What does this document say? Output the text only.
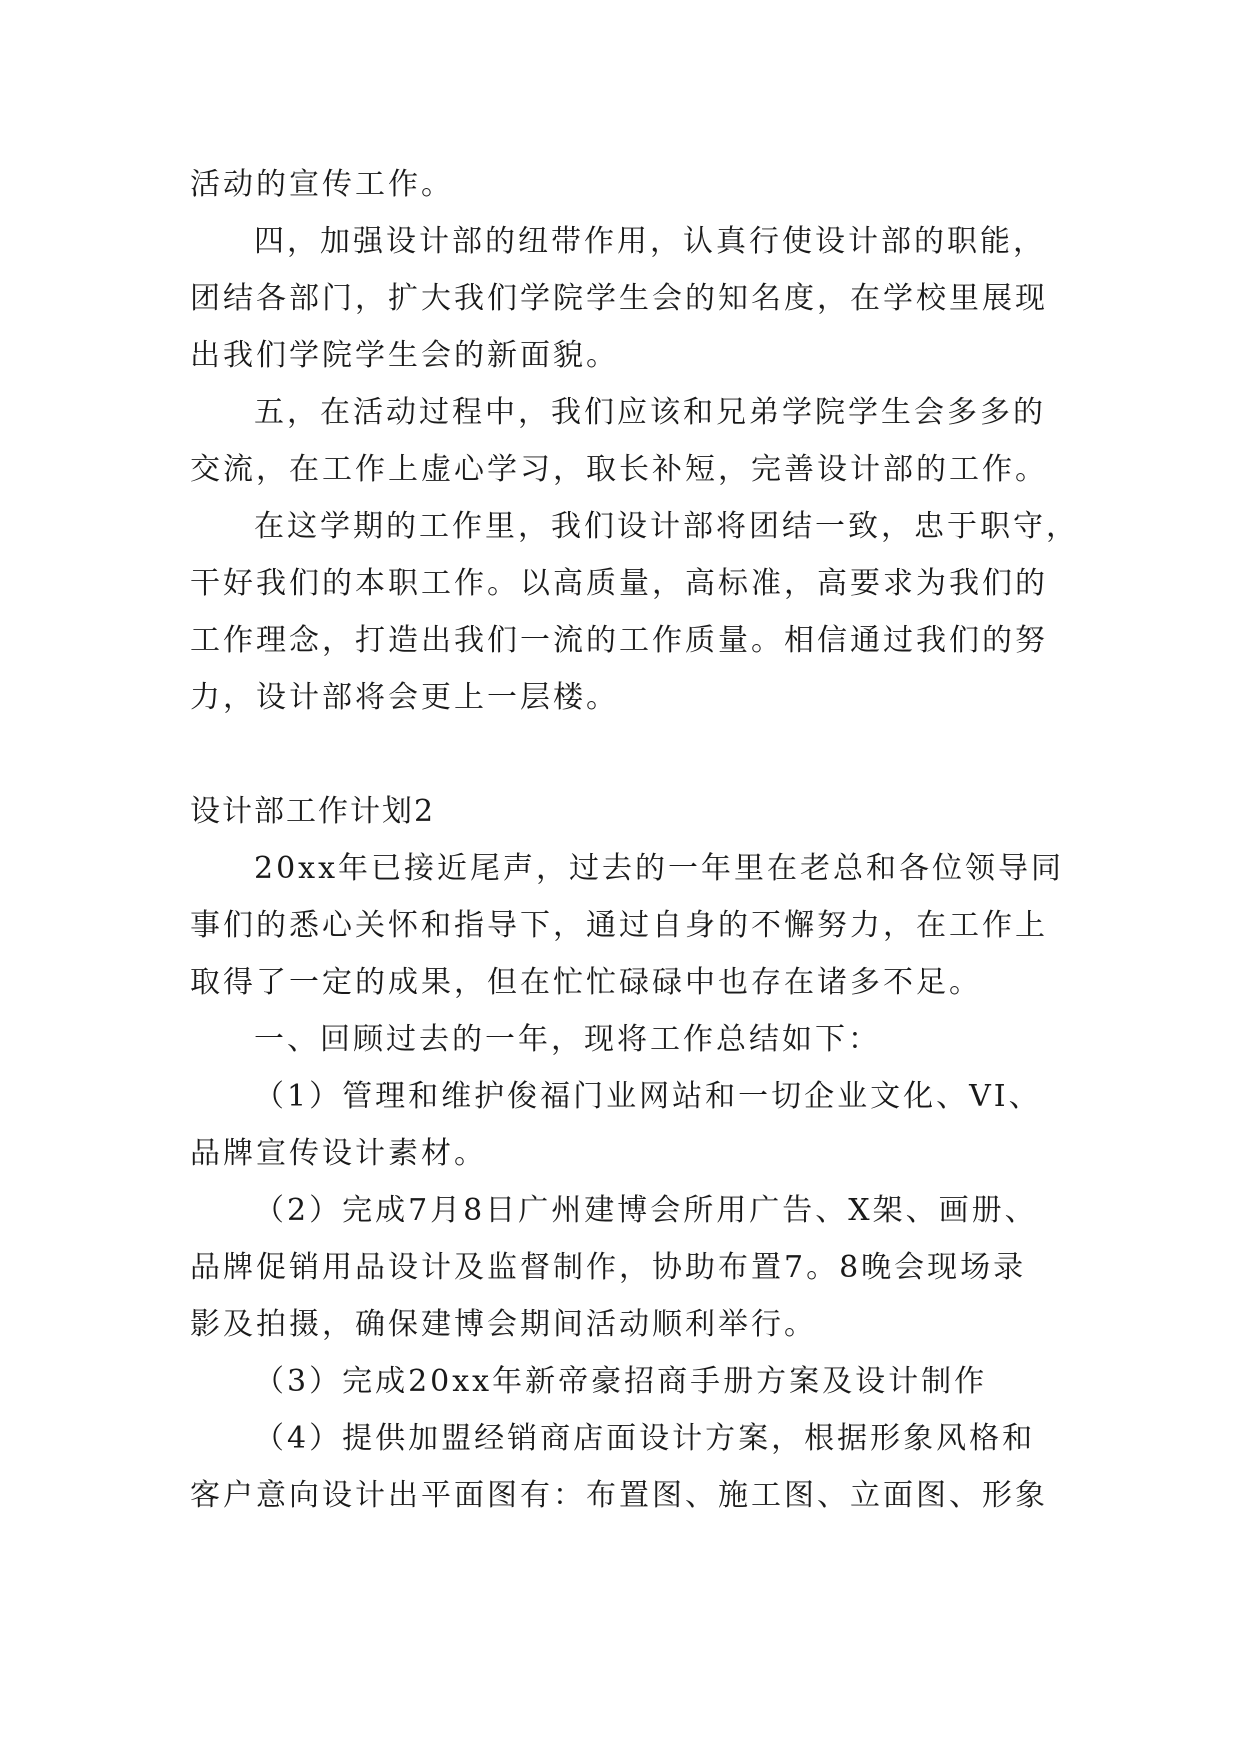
活动的宣传工作。
四，加强设计部的纽带作用，认真行使设计部的职能，
团结各部门，扩大我们学院学生会的知名度，在学校里展现
出我们学院学生会的新面貌。
五，在活动过程中，我们应该和兄弟学院学生会多多的
交流，在工作上虚心学习，取长补短，完善设计部的工作。
在这学期的工作里，我们设计部将团结一致，忠于职守，
干好我们的本职工作。以高质量，高标准，高要求为我们的
工作理念，打造出我们一流的工作质量。相信通过我们的努
力，设计部将会更上一层楼。
设计部工作计划2
20xx年已接近尾声，过去的一年里在老总和各位领导同
事们的悉心关怀和指导下，通过自身的不懈努力，在工作上
取得了一定的成果，但在忙忙碌碌中也存在诸多不足。
一、回顾过去的一年，现将工作总结如下：
（1）管理和维护俊福门业网站和一切企业文化、VI、
品牌宣传设计素材。
（2）完成7月8日广州建博会所用广告、X架、画册、
品牌促销用品设计及监督制作，协助布置7。8晚会现场录
影及拍摄，确保建博会期间活动顺利举行。
（3）完成20xx年新帝豪招商手册方案及设计制作
（4）提供加盟经销商店面设计方案，根据形象风格和
客户意向设计出平面图有：布置图、施工图、立面图、形象
